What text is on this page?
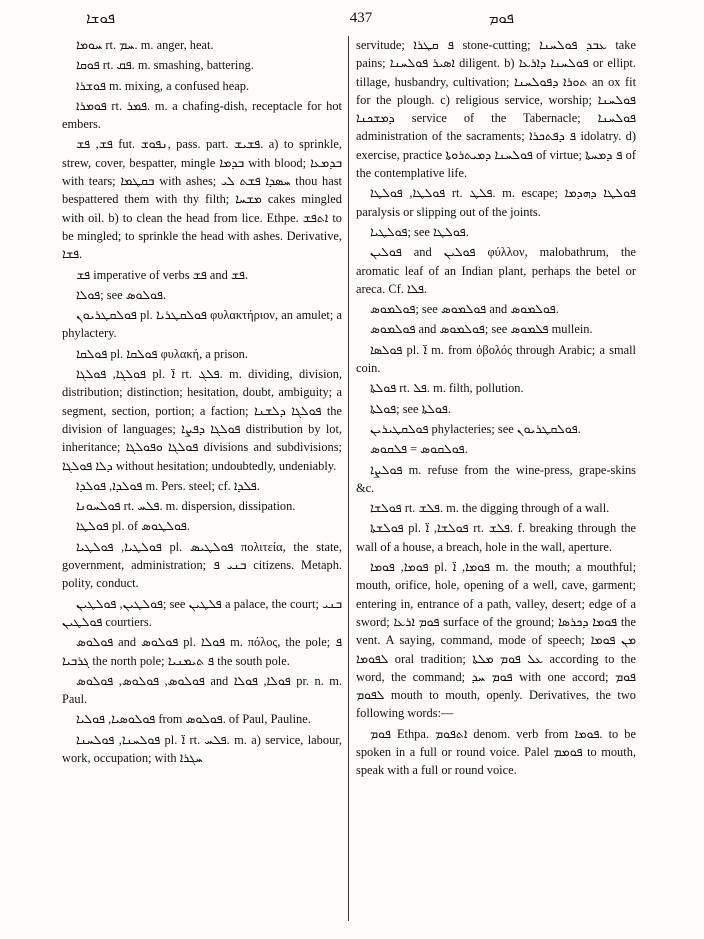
ܦܘܫܐ	437	ܦܘܡ

ܚܘܡܐ rt. ܚܡ. m. anger, heat.

ܦܘܩܐ rt. ܦܩ. m. smashing, battering.

ܦܘܫܪܐ m. mixing, a confused heap.

ܦܘܡܪܐ rt. ܦܡܪ. m. a chafing-dish, receptacle for hot embers.

ܦܫ, ܦܫ fut. ܢܦܘܫ, pass. part. ܦܫܝܫ. a) to sprinkle, strew, cover, bespatter, mingle ܒܕܡܐ with blood; ܒܕܡܥܐ with tears; ܒܩܛܡܐ with ashes; ܚܣܕܐ ܦܫܬ ܠܝ thou hast bespattered them with thy filth; ܡܫܚܐ cakes mingled with oil. b) to clean the head from lice. Ethpe. ܐܬܦܫ to be mingled; to sprinkle the head with ashes. Derivative, ܦܫܐ.

ܦܫ imperative of verbs ܦܫ and ܦܫ.

ܦܘܠܐ; see ܦܘܠܘܣ.

ܦܘܠܩܛܪܝܘܢ pl. ܦܘܠܩܛܪܝܐ φυλακτήριον, an amulet; a phylactery.

ܦܘܠܩܐ pl. ܦܘܠܩܐ φυλακή, a prison.

ܦܘܠܓܐ, ܦܘܠܓܐ pl. ܐ̈ rt. ܦܠܓ. m. dividing, division, distribution; distinction; hesitation, doubt, ambiguity; a segment, section, portion; a faction; ܦܘܠܓܐ ܕܠܫܢܐ the division of languages; ܦܘܠܓܐ ܕܦܨܐ distribution by lot, inheritance; ܦܘܠܓܐ ܘܦܘܠܓܐ divisions and subdivisions; ܕܠܐ ܦܘܠܓܐ without hesitation; undoubtedly, undeniably.

ܦܘܠܕܐ, ܦܘܠܕܐ m. Pers. steel; cf. ܦܠܕܐ.

ܦܘܠܚܘܢܐ rt. ܦܠܚ. m. dispersion, dissipation.

ܦܘܠܛܐ pl. of ܦܘܠܛܘܣ.

ܦܘܠܛܝܐ, ܦܘܠܛܝܐ pl. ܦܘܠܛܝܣ πολιτεία, the state, government, administration; ܒܢܝ ܦ citizens. Metaph. polity, conduct.

ܦܘܠܛܝܢ, ܦܘܠܛܝܢ; see ܦܠܛܝܢ a palace, the court; ܒܢܝ ܦܘܠܛܝܢ courtiers.

ܦܘܠܘܣ and ܦܘܠܘܣ pl. ܦܘܠܐ m. πόλος, the pole; ܦ ܓܪܒܝܐ the north pole; ܦ ܬܝܡܢܝܐ the south pole.

ܦܘܠܘܣ, ܦܘܠܘܣ, ܦܘܠܘܣ and ܦܘܠܐ, ܦܘܠܐ pr. n. m. Paul.

ܦܘܠܘܣܝܐ, ܦܘܠܝܐ from ܦܘܠܘܣ. of Paul, Pauline.

ܦܘܠܚܢܐ, ܦܘܠܚܢܐ pl. ܐ̈ rt. ܦܠܚ. m. a) service, labour, work, occupation; with ܚܓܪܐ

servitude; ܦ ܩܛܪܐ stone-cutting; ܥܒܕ ܦܘܠܚܢܐ take pains; ܐܣܝܪ ܦܘܠܚܢܐ diligent. b) ܦܘܠܚܢܐ ܕܐܪܥܐ or ellipt. tillage, husbandry, cultivation; ܬܘܪܐ ܕܦܘܠܚܢܐ an ox fit for the plough. c) religious service, worship; ܦܘܠܚܢܐ ܕܡܫܟܢܐ service of the Tabernacle; ܦܘܠܚܢܐ administration of the sacraments; ܦ ܕܦܬܟܪܐ idolatry. d) exercise, practice ܦܘܠܚܢܐ ܕܡܝܬܪܘܬܐ of virtue; ܦ ܕܡܚܬܐ of the contemplative life.

ܦܘܠܛܐ, ܦܘܠܛܐ rt. ܦܠܛ. m. escape; ܦܘܠܛܐ ܕܗܕܡܐ paralysis or slipping out of the joints.

ܦܘܠܛܝܐ; see ܦܘܠܛܐ.

ܦܘܠܝܢ and ܦܘܠܝܢ φύλλον, malobathrum, the aromatic leaf of an Indian plant, perhaps the betel or areca. Cf. ܦܠܐ.

ܦܘܠܡܘܣ; see ܦܘܠܡܘܣ and ܦܘܠܡܘܣ.

ܦܘܠܡܘܣ and ܦܘܠܡܘܣ; see ܦܠܡܘܣ mullein.

ܦܘܠܣܐ pl. ܐ̈ m. from ὀβολός through Arabic; a small coin.

ܦܘܠܬܐ rt. ܦܠ. m. filth, pollution.

ܦܘܠܬܐ; see ܦܘܠܬܐ.

ܦܘܠܩܛܝܪܝܢ phylacteries; see ܦܘܠܩܛܪܝܘܢ.

ܦܘܠܩܘܣ = ܦܠܩܘܣ.

ܦܘܠܨܐ m. refuse from the wine-press, grape-skins &c.

ܦܘܠܫܐ rt. ܦܠܫ. m. the digging through of a wall.

ܦܘܠܫܬܐ pl. ܦܘܠܫܐ, ܐ̈ rt. ܦܠܫ. f. breaking through the wall of a house, a breach, hole in the wall, aperture.

ܦܘܡܐ, ܦܘܡܐ pl. ܦܘܡܐ, ܐ̈ m. the mouth; a mouthful; mouth, orifice, hole, opening of a well, cave, garment; entering in, entrance of a path, valley, desert; edge of a sword; ܦܘܡ ܐܪܥܐ surface of the ground; ܦܘܡܐ ܕܟܪܣܐ the vent. A saying, command, mode of speech; ܡܢ ܦܘܡܐ ܠܦܘܡܐ oral tradition; ܥܠ ܦܘܡ ܡܠܬܐ according to the word, the command; ܦܘܡ ܚܕ with one accord; ܦܘܡ ܠܦܘܡ mouth to mouth, openly. Derivatives, the two following words:—

ܦܘܡ Ethpa. ܐܬܦܘܡ denom. verb from ܦܘܡܐ. to be spoken in a full or round voice. Palel ܦܘܡܡ to mouth, speak with a full or round voice.
